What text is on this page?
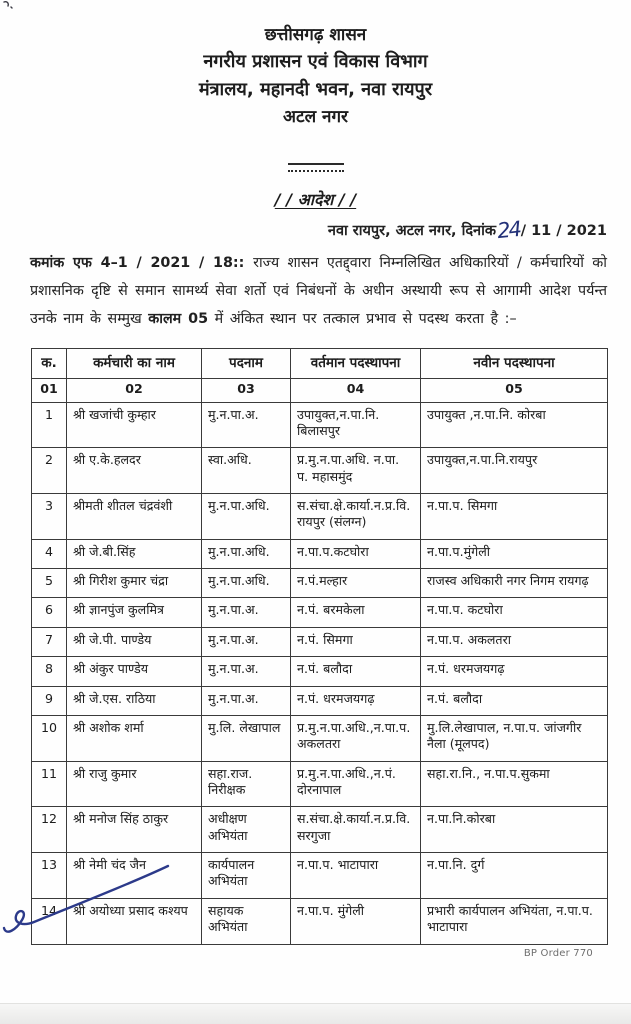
छत्तीसगढ़ शासन
नगरीय प्रशासन एवं विकास विभाग
मंत्रालय, महानदी भवन, नवा रायपुर
अटल नगर

/ / आदेश / /
नवा रायपुर, अटल नगर, दिनांक24/ 11 / 2021

कमांक एफ 4–1 / 2021 / 18:: राज्य शासन एतद्द्वारा निम्नलिखित अधिकारियों / कर्मचारियों को प्रशासनिक दृष्टि से समान सामर्थ्य सेवा शर्तो एवं निबंधनों के अधीन अस्थायी रूप से आगामी आदेश पर्यन्त उनके नाम के सम्मुख कालम 05 में अंकित स्थान पर तत्काल प्रभाव से पदस्थ करता है :–

क.	कर्मचारी का नाम	पदनाम	वर्तमान पदस्थापना	नवीन पदस्थापना
01	02	03	04	05
1	श्री खजांची कुम्हार	मु.न.पा.अ.	उपायुक्त,न.पा.नि. बिलासपुर	उपायुक्त ,न.पा.नि. कोरबा
2	श्री ए.के.हलदर	स्वा.अधि.	प्र.मु.न.पा.अधि. न.पा. प. महासमुंद	उपायुक्त,न.पा.नि.रायपुर
3	श्रीमती शीतल चंद्रवंशी	मु.न.पा.अधि.	स.संचा.क्षे.कार्या.न.प्र.वि. रायपुर (संलग्न)	न.पा.प. सिमगा
4	श्री जे.बी.सिंह	मु.न.पा.अधि.	न.पा.प.कटघोरा	न.पा.प.मुंगेली
5	श्री गिरीश कुमार चंद्रा	मु.न.पा.अधि.	न.पं.मल्हार	राजस्व अधिकारी नगर निगम रायगढ़
6	श्री ज्ञानपुंज कुलमित्र	मु.न.पा.अ.	न.पं. बरमकेला	न.पा.प. कटघोरा
7	श्री जे.पी. पाण्डेय	मु.न.पा.अ.	न.पं. सिमगा	न.पा.प. अकलतरा
8	श्री अंकुर पाण्डेय	मु.न.पा.अ.	न.पं. बलौदा	न.पं. धरमजयगढ़
9	श्री जे.एस. राठिया	मु.न.पा.अ.	न.पं. धरमजयगढ़	न.पं. बलौदा
10	श्री अशोक शर्मा	मु.लि. लेखापाल	प्र.मु.न.पा.अधि.,न.पा.प. अकलतरा	मु.लि.लेखापाल, न.पा.प. जांजगीर नैला (मूलपद)
11	श्री राजु कुमार	सहा.राज. निरीक्षक	प्र.मु.न.पा.अधि.,न.पं. दोरनापाल	सहा.रा.नि., न.पा.प.सुकमा
12	श्री मनोज सिंह ठाकुर	अधीक्षण अभियंता	स.संचा.क्षे.कार्या.न.प्र.वि. सरगुजा	न.पा.नि.कोरबा
13	श्री नेमी चंद जैन	कार्यपालन अभियंता	न.पा.प. भाटापारा	न.पा.नि. दुर्ग
14	श्री अयोध्या प्रसाद कश्यप	सहायक अभियंता	न.पा.प. मुंगेली	प्रभारी कार्यपालन अभियंता, न.पा.प. भाटापारा
BP Order 770
